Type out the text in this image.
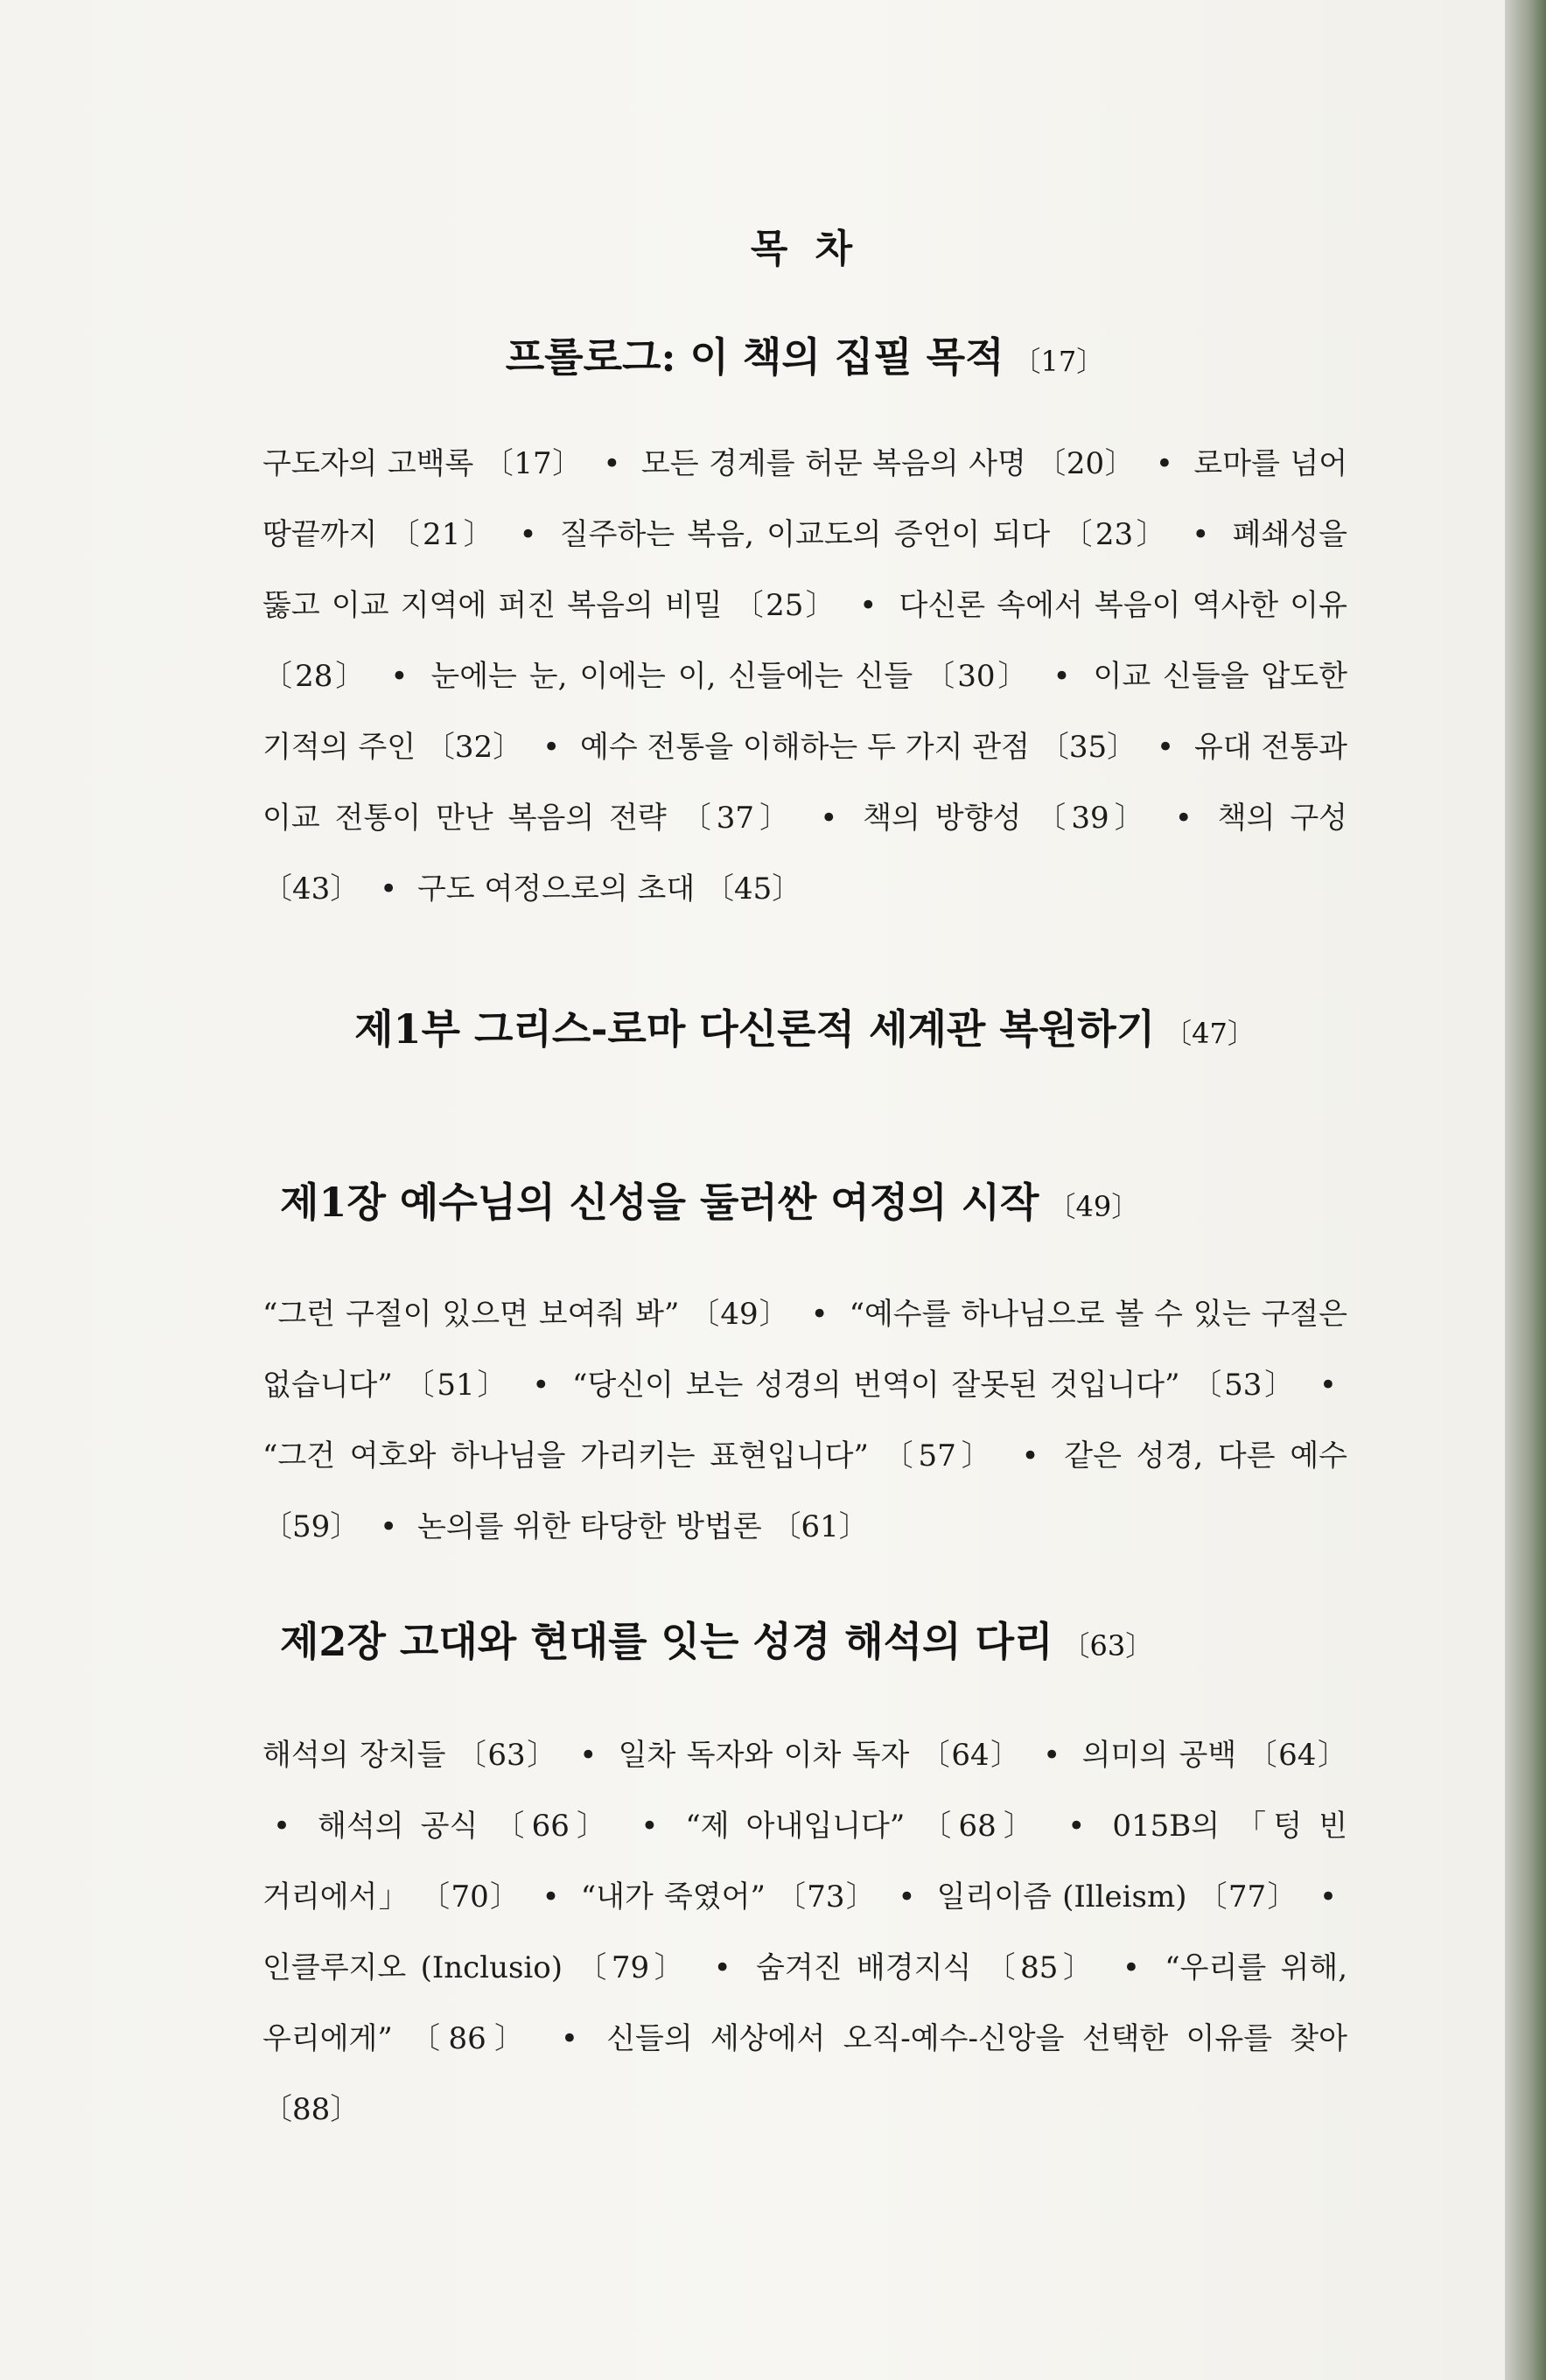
목 차
프롤로그: 이 책의 집필 목적 〔17〕
구도자의 고백록 〔17〕 • 모든 경계를 허문 복음의 사명 〔20〕 • 로마를 넘어 땅끝까지 〔21〕 • 질주하는 복음, 이교도의 증언이 되다 〔23〕 • 폐쇄성을 뚫고 이교 지역에 퍼진 복음의 비밀 〔25〕 • 다신론 속에서 복음이 역사한 이유 〔28〕 • 눈에는 눈, 이에는 이, 신들에는 신들 〔30〕 • 이교 신들을 압도한 기적의 주인 〔32〕 • 예수 전통을 이해하는 두 가지 관점 〔35〕 • 유대 전통과 이교 전통이 만난 복음의 전략 〔37〕 • 책의 방향성 〔39〕 • 책의 구성 〔43〕 • 구도 여정으로의 초대 〔45〕
제1부 그리스-로마 다신론적 세계관 복원하기 〔47〕
제1장 예수님의 신성을 둘러싼 여정의 시작 〔49〕
“그런 구절이 있으면 보여줘 봐” 〔49〕 • “예수를 하나님으로 볼 수 있는 구절은 없습니다” 〔51〕 • “당신이 보는 성경의 번역이 잘못된 것입니다” 〔53〕 • “그건 여호와 하나님을 가리키는 표현입니다” 〔57〕 • 같은 성경, 다른 예수 〔59〕 • 논의를 위한 타당한 방법론 〔61〕
제2장 고대와 현대를 잇는 성경 해석의 다리 〔63〕
해석의 장치들 〔63〕 • 일차 독자와 이차 독자 〔64〕 • 의미의 공백 〔64〕 • 해석의 공식 〔66〕 • “제 아내입니다” 〔68〕 • 015B의 「텅 빈 거리에서」 〔70〕 • “내가 죽였어” 〔73〕 • 일리이즘 (Illeism) 〔77〕 • 인클루지오 (Inclusio) 〔79〕 • 숨겨진 배경지식 〔85〕 • “우리를 위해, 우리에게” 〔86〕 • 신들의 세상에서 오직-예수-신앙을 선택한 이유를 찾아 〔88〕
